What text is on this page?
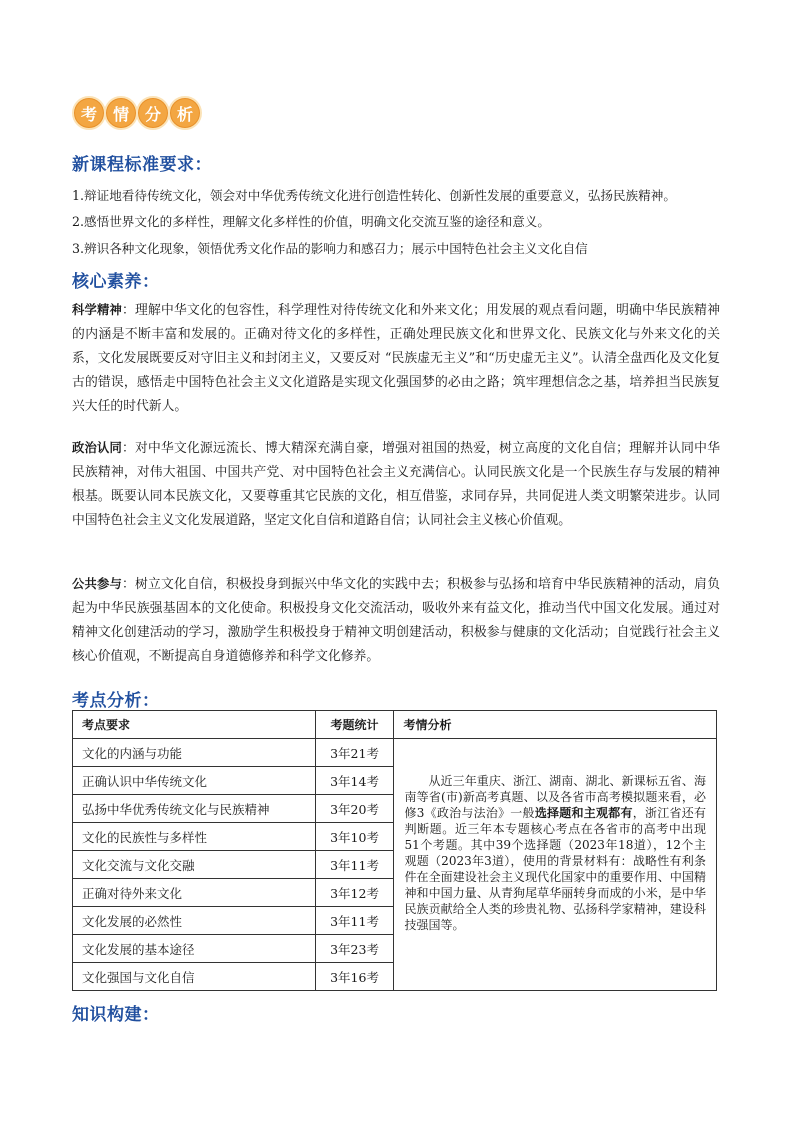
考 情 分 析
新课程标准要求：
1.辩证地看待传统文化，领会对中华优秀传统文化进行创造性转化、创新性发展的重要意义，弘扬民族精神。
2.感悟世界文化的多样性，理解文化多样性的价值，明确文化交流互鉴的途径和意义。
3.辨识各种文化现象，领悟优秀文化作品的影响力和感召力；展示中国特色社会主义文化自信
核心素养：
科学精神：理解中华文化的包容性，科学理性对待传统文化和外来文化；用发展的观点看问题，明确中华民族精神的内涵是不断丰富和发展的。正确对待文化的多样性，正确处理民族文化和世界文化、民族文化与外来文化的关系，文化发展既要反对守旧主义和封闭主义，又要反对 “民族虚无主义”和“历史虚无主义”。认清全盘西化及文化复古的错误，感悟走中国特色社会主义文化道路是实现文化强国梦的必由之路；筑牢理想信念之基，培养担当民族复兴大任的时代新人。
政治认同：对中华文化源远流长、博大精深充满自豪，增强对祖国的热爱，树立高度的文化自信；理解并认同中华民族精神，对伟大祖国、中国共产党、对中国特色社会主义充满信心。认同民族文化是一个民族生存与发展的精神根基。既要认同本民族文化，又要尊重其它民族的文化，相互借鉴，求同存异，共同促进人类文明繁荣进步。认同中国特色社会主义文化发展道路，坚定文化自信和道路自信；认同社会主义核心价值观。
公共参与：树立文化自信，积极投身到振兴中华文化的实践中去；积极参与弘扬和培育中华民族精神的活动，肩负起为中华民族强基固本的文化使命。积极投身文化交流活动，吸收外来有益文化，推动当代中国文化发展。通过对精神文化创建活动的学习，激励学生积极投身于精神文明创建活动，积极参与健康的文化活动；自觉践行社会主义核心价值观，不断提高自身道德修养和科学文化修养。
考点分析：
考点要求	考题统计	考情分析
文化的内涵与功能	3年21考	从近三年重庆、浙江、湖南、湖北、新课标五省、海南等省(市)新高考真题、以及各省市高考模拟题来看，必修3《政治与法治》一般选择题和主观都有，浙江省还有判断题。近三年本专题核心考点在各省市的高考中出现51个考题。其中39个选择题（2023年18道），12个主观题（2023年3道），使用的背景材料有：战略性有利条件在全面建设社会主义现代化国家中的重要作用、中国精神和中国力量、从青狗尾草华丽转身而成的小米，是中华民族贡献给全人类的珍贵礼物、弘扬科学家精神，建设科技强国等。
正确认识中华传统文化	3年14考	
弘扬中华优秀传统文化与民族精神	3年20考	
文化的民族性与多样性	3年10考	
文化交流与文化交融	3年11考	
正确对待外来文化	3年12考	
文化发展的必然性	3年11考	
文化发展的基本途径	3年23考	
文化强国与文化自信	3年16考	
知识构建：
